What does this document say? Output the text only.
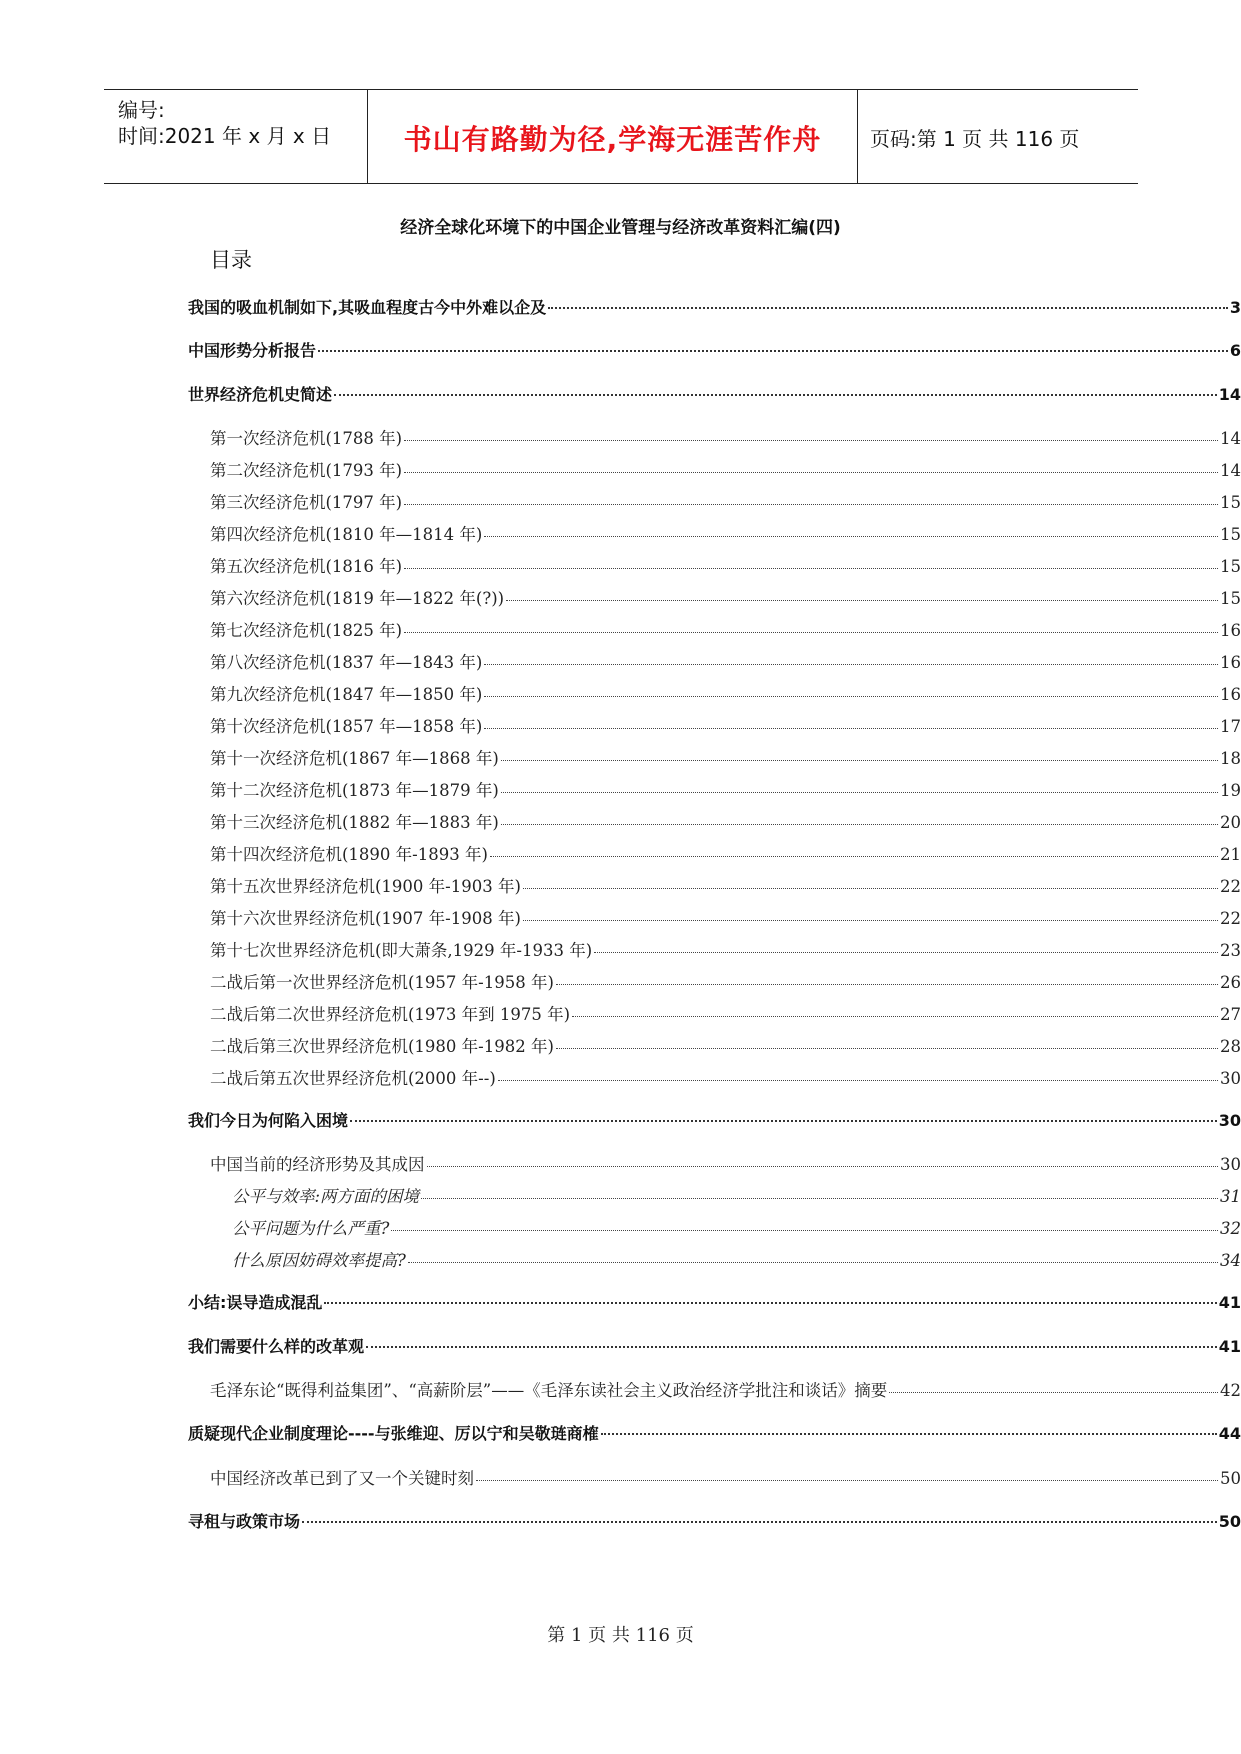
编号:
时间:2021 年 x 月 x 日	书山有路勤为径,学海无涯苦作舟	页码:第 1 页 共 116 页
经济全球化环境下的中国企业管理与经济改革资料汇编(四)
目录
我国的吸血机制如下,其吸血程度古今中外难以企及	3
中国形势分析报告	6
世界经济危机史简述	14
第一次经济危机(1788 年)	14
第二次经济危机(1793 年)	14
第三次经济危机(1797 年)	15
第四次经济危机(1810 年—1814 年)	15
第五次经济危机(1816 年)	15
第六次经济危机(1819 年—1822 年(?))	15
第七次经济危机(1825 年)	16
第八次经济危机(1837 年—1843 年)	16
第九次经济危机(1847 年—1850 年)	16
第十次经济危机(1857 年—1858 年)	17
第十一次经济危机(1867 年—1868 年)	18
第十二次经济危机(1873 年—1879 年)	19
第十三次经济危机(1882 年—1883 年)	20
第十四次经济危机(1890 年-1893 年)	21
第十五次世界经济危机(1900 年-1903 年)	22
第十六次世界经济危机(1907 年-1908 年)	22
第十七次世界经济危机(即大萧条,1929 年-1933 年)	23
二战后第一次世界经济危机(1957 年-1958 年)	26
二战后第二次世界经济危机(1973 年到 1975 年)	27
二战后第三次世界经济危机(1980 年-1982 年)	28
二战后第五次世界经济危机(2000 年--)	30
我们今日为何陷入困境	30
中国当前的经济形势及其成因	30
公平与效率:两方面的困境	31
公平问题为什么严重?	32
什么原因妨碍效率提高?	34
小结:误导造成混乱	41
我们需要什么样的改革观	41
毛泽东论“既得利益集团”、“高薪阶层”——《毛泽东读社会主义政治经济学批注和谈话》摘要	42
质疑现代企业制度理论----与张维迎、厉以宁和吴敬琏商榷	44
中国经济改革已到了又一个关键时刻	50
寻租与政策市场	50
第 1 页 共 116 页
